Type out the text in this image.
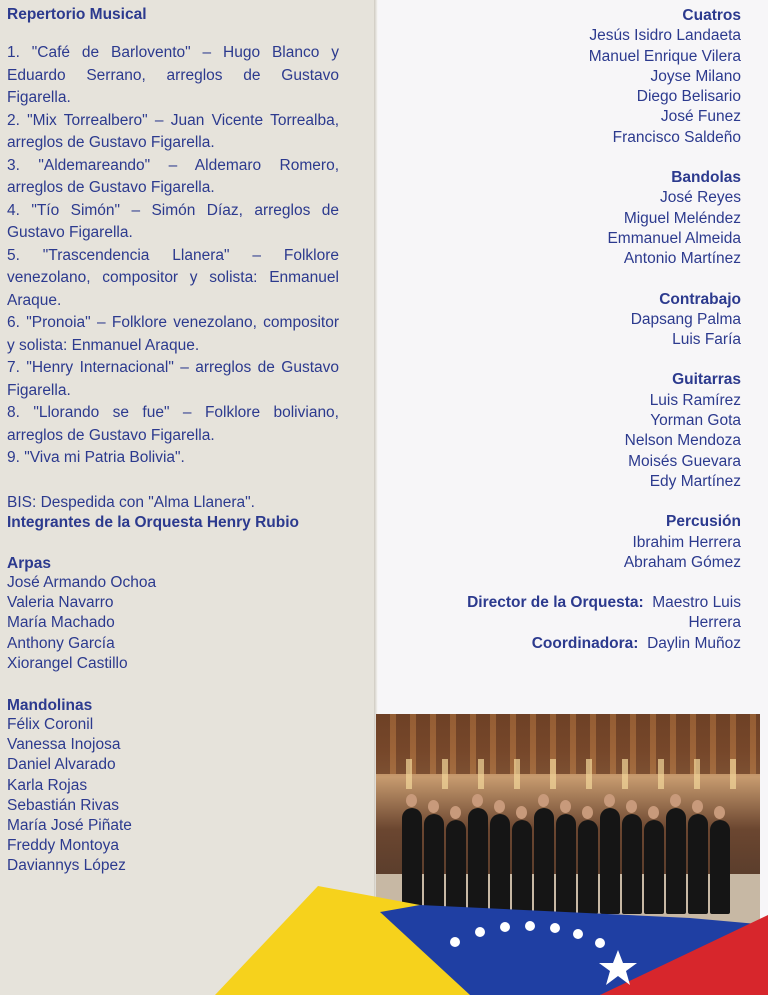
Repertorio Musical
1. "Café de Barlovento" – Hugo Blanco y Eduardo Serrano, arreglos de Gustavo Figarella.
2. "Mix Torrealbero" – Juan Vicente Torrealba, arreglos de Gustavo Figarella.
3. "Aldemareando" – Aldemaro Romero, arreglos de Gustavo Figarella.
4. "Tío Simón" – Simón Díaz, arreglos de Gustavo Figarella.
5. "Trascendencia Llanera" – Folklore venezolano, compositor y solista: Enmanuel Araque.
6. "Pronoia" – Folklore venezolano, compositor y solista: Enmanuel Araque.
7. "Henry Internacional" – arreglos de Gustavo Figarella.
8. "Llorando se fue" – Folklore boliviano, arreglos de Gustavo Figarella.
9. "Viva mi Patria Bolivia".
BIS: Despedida con "Alma Llanera".
Integrantes de la Orquesta Henry Rubio
Arpas
José Armando Ochoa
Valeria Navarro
María Machado
Anthony García
Xiorangel Castillo
Mandolinas
Félix Coronil
Vanessa Inojosa
Daniel Alvarado
Karla Rojas
Sebastián Rivas
María José Piñate
Freddy Montoya
Daviannys López
Cuatros
Jesús Isidro Landaeta
Manuel Enrique Vilera
Joyse Milano
Diego Belisario
José Funez
Francisco Saldeño
Bandolas
José Reyes
Miguel Meléndez
Emmanuel Almeida
Antonio Martínez
Contrabajo
Dapsang Palma
Luis Faría
Guitarras
Luis Ramírez
Yorman Gota
Nelson Mendoza
Moisés Guevara
Edy Martínez
Percusión
Ibrahim Herrera
Abraham Gómez
Director de la Orquesta: Maestro Luis
Herrera
Coordinadora: Daylin Muñoz
